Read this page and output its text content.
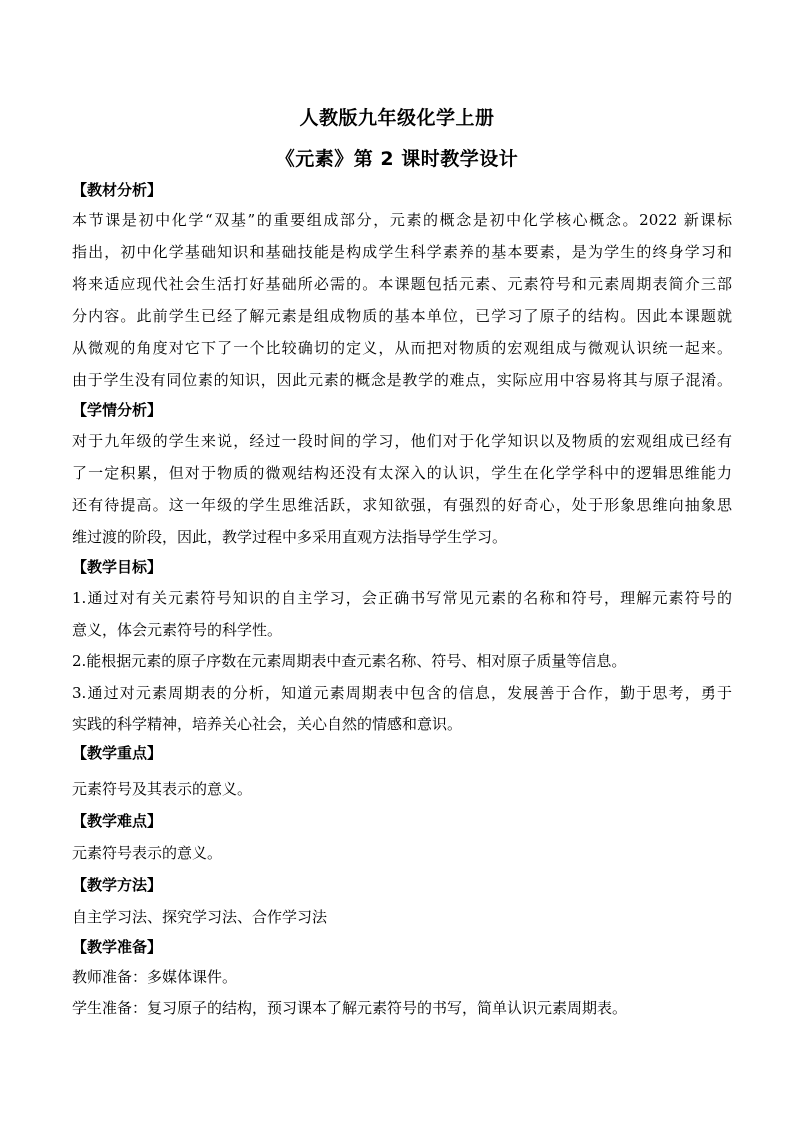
人教版九年级化学上册
《元素》第 2 课时教学设计
【教材分析】
本节课是初中化学“双基”的重要组成部分，元素的概念是初中化学核心概念。2022 新课标
指出，初中化学基础知识和基础技能是构成学生科学素养的基本要素，是为学生的终身学习和
将来适应现代社会生活打好基础所必需的。本课题包括元素、元素符号和元素周期表简介三部
分内容。此前学生已经了解元素是组成物质的基本单位，已学习了原子的结构。因此本课题就
从微观的角度对它下了一个比较确切的定义，从而把对物质的宏观组成与微观认识统一起来。
由于学生没有同位素的知识，因此元素的概念是教学的难点，实际应用中容易将其与原子混淆。
【学情分析】
对于九年级的学生来说，经过一段时间的学习，他们对于化学知识以及物质的宏观组成已经有
了一定积累，但对于物质的微观结构还没有太深入的认识，学生在化学学科中的逻辑思维能力
还有待提高。这一年级的学生思维活跃，求知欲强，有强烈的好奇心，处于形象思维向抽象思
维过渡的阶段，因此，教学过程中多采用直观方法指导学生学习。
【教学目标】
1.通过对有关元素符号知识的自主学习，会正确书写常见元素的名称和符号，理解元素符号的
意义，体会元素符号的科学性。
2.能根据元素的原子序数在元素周期表中查元素名称、符号、相对原子质量等信息。
3.通过对元素周期表的分析，知道元素周期表中包含的信息，发展善于合作，勤于思考，勇于
实践的科学精神，培养关心社会，关心自然的情感和意识。
【教学重点】
元素符号及其表示的意义。
【教学难点】
元素符号表示的意义。
【教学方法】
自主学习法、探究学习法、合作学习法
【教学准备】
教师准备：多媒体课件。
学生准备：复习原子的结构，预习课本了解元素符号的书写，简单认识元素周期表。
